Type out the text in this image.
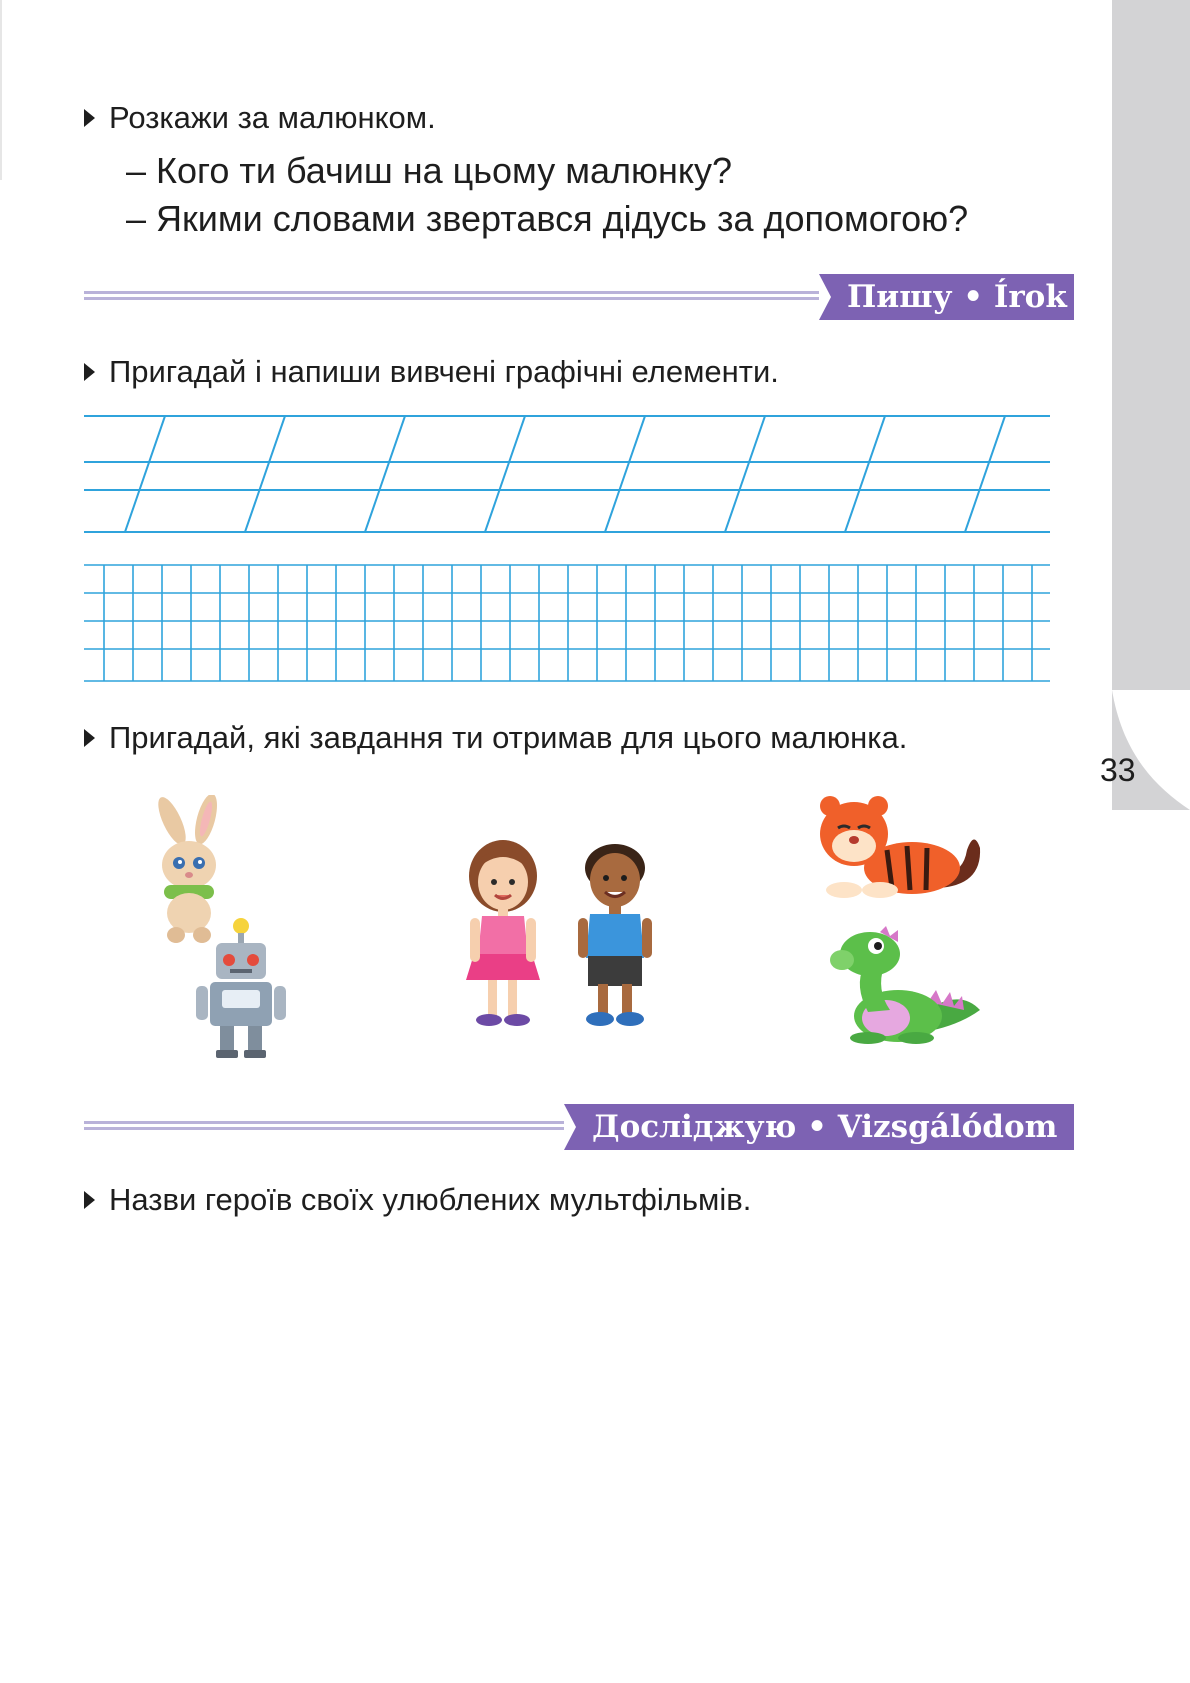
33
Розкажи за малюнком.
– Кого ти бачиш на цьому малюнку?
– Якими словами звертався дідусь за допомогою?
Пишу • Írok
Пригадай і напиши вивчені графічні елементи.
Пригадай, які завдання ти отримав для цього малюнка.
Досліджую • Vizsgálódom
Назви героїв своїх улюблених мультфільмів.
